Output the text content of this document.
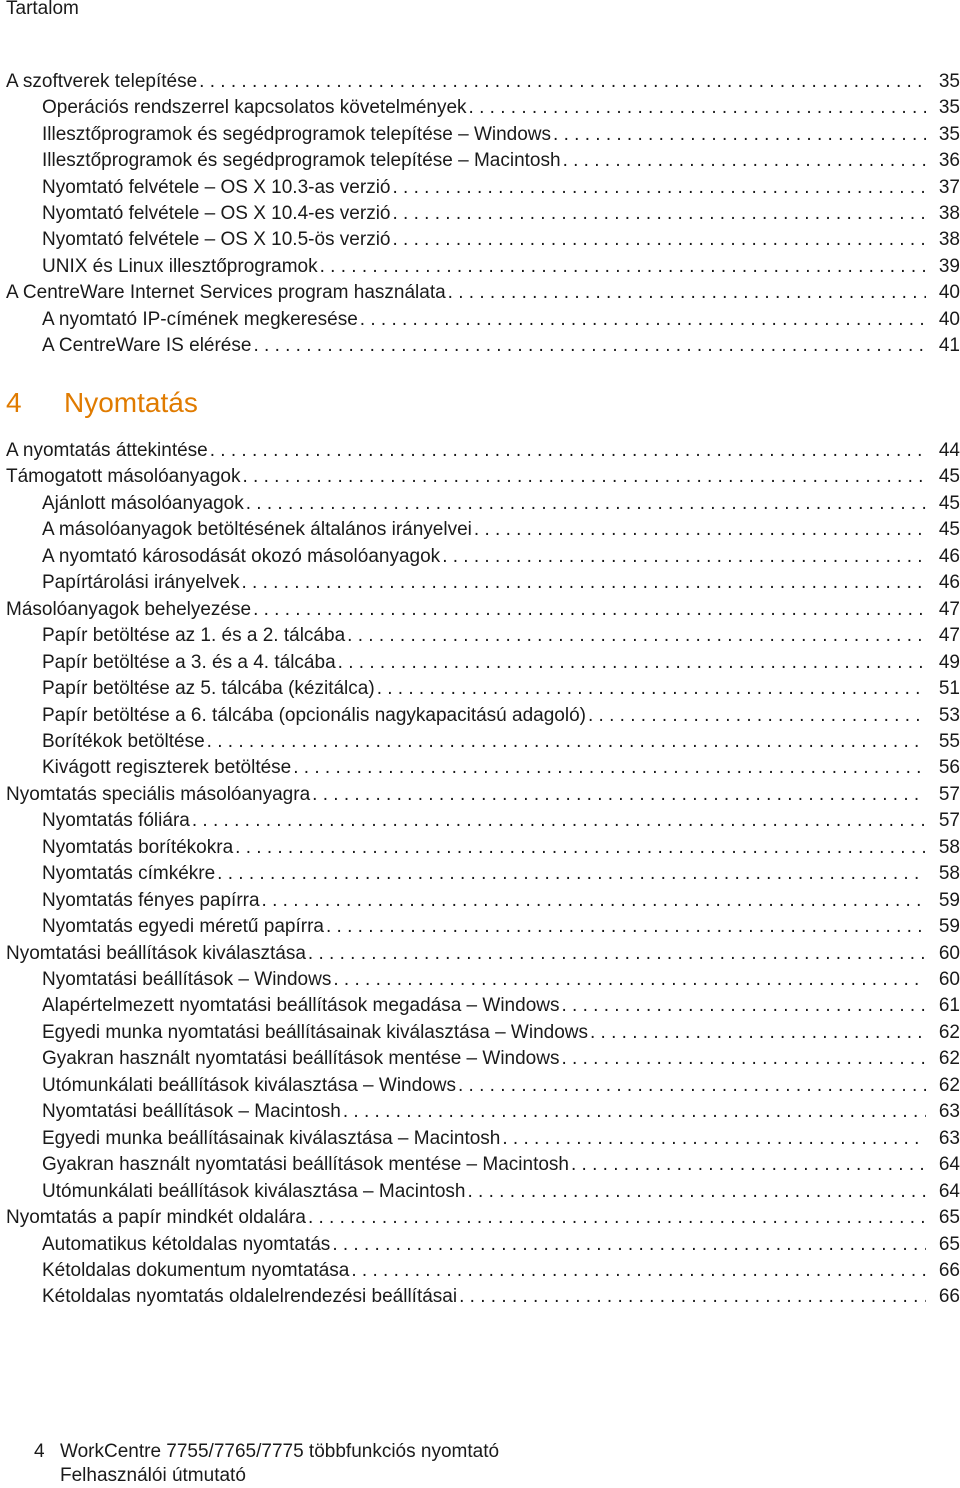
Tartalom
A szoftverek telepítése . . .	35
Operációs rendszerrel kapcsolatos követelmények . . .	35
Illesztőprogramok és segédprogramok telepítése – Windows . . .	35
Illesztőprogramok és segédprogramok telepítése – Macintosh . . .	36
Nyomtató felvétele – OS X 10.3-as verzió . . .	37
Nyomtató felvétele – OS X 10.4-es verzió . . .	38
Nyomtató felvétele – OS X 10.5-ös verzió . . .	38
UNIX és Linux illesztőprogramok . . .	39
A CentreWare Internet Services program használata . . .	40
A nyomtató IP-címének megkeresése . . .	40
A CentreWare IS elérése . . .	41
A nyomtatás áttekintése . . .	44
Támogatott másolóanyagok . . .	45
Ajánlott másolóanyagok . . .	45
A másolóanyagok betöltésének általános irányelvei . . .	45
A nyomtató károsodását okozó másolóanyagok . . .	46
Papírtárolási irányelvek . . .	46
Másolóanyagok behelyezése . . .	47
Papír betöltése az 1. és a 2. tálcába . . .	47
Papír betöltése a 3. és a 4. tálcába . . .	49
Papír betöltése az 5. tálcába (kézitálca) . . .	51
Papír betöltése a 6. tálcába (opcionális nagykapacitású adagoló) . . .	53
Borítékok betöltése . . .	55
Kivágott regiszterek betöltése . . .	56
Nyomtatás speciális másolóanyagra . . .	57
Nyomtatás fóliára . . .	57
Nyomtatás borítékokra . . .	58
Nyomtatás címkékre . . .	58
Nyomtatás fényes papírra . . .	59
Nyomtatás egyedi méretű papírra . . .	59
Nyomtatási beállítások kiválasztása . . .	60
Nyomtatási beállítások – Windows . . .	60
Alapértelmezett nyomtatási beállítások megadása – Windows . . .	61
Egyedi munka nyomtatási beállításainak kiválasztása – Windows . . .	62
Gyakran használt nyomtatási beállítások mentése – Windows . . .	62
Utómunkálati beállítások kiválasztása – Windows . . .	62
Nyomtatási beállítások – Macintosh . . .	63
Egyedi munka beállításainak kiválasztása – Macintosh . . .	63
Gyakran használt nyomtatási beállítások mentése – Macintosh . . .	64
Utómunkálati beállítások kiválasztása – Macintosh . . .	64
Nyomtatás a papír mindkét oldalára . . .	65
Automatikus kétoldalas nyomtatás . . .	65
Kétoldalas dokumentum nyomtatása . . .	66
Kétoldalas nyomtatás oldalelrendezési beállításai . . .	66
4 Nyomtatás
4 WorkCentre 7755/7765/7775 többfunkciós nyomtató
Felhasználói útmutató
